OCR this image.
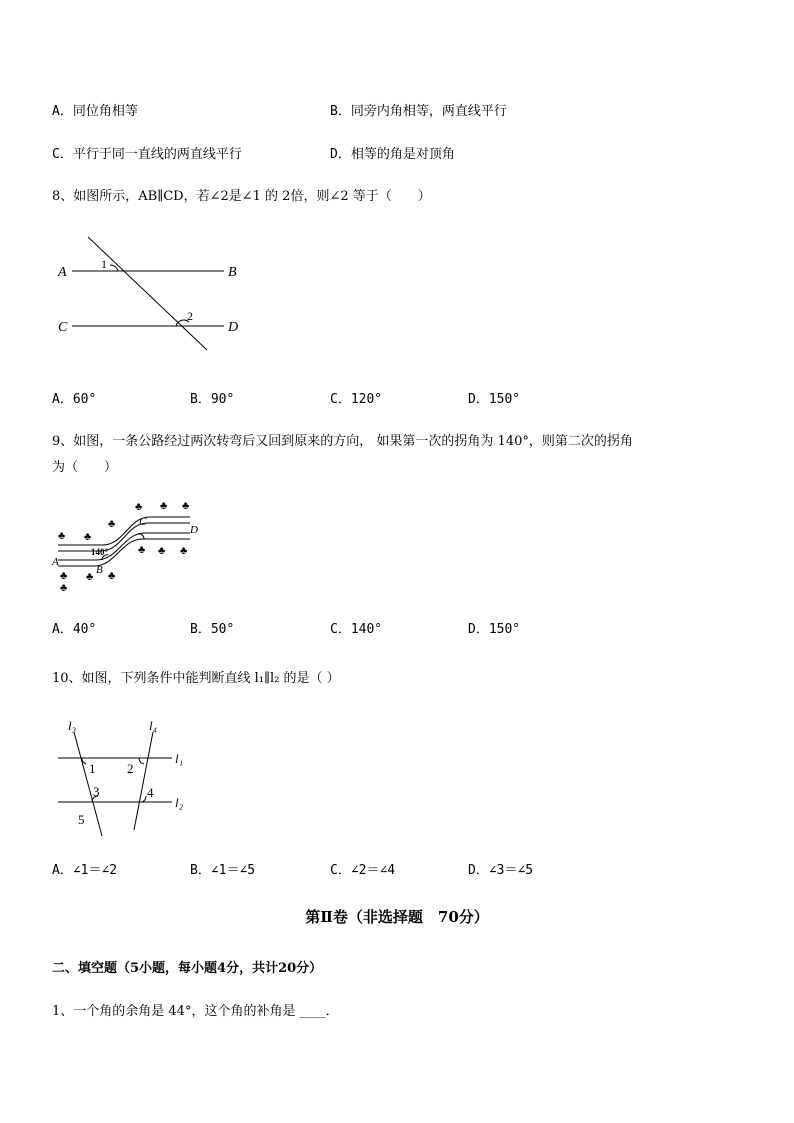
A．同位角相等	B．同旁内角相等，两直线平行
C．平行于同一直线的两直线平行	D．相等的角是对顶角
8、如图所示，AB∥CD，若∠2是∠1 的 2倍，则∠2 等于（　　）
A	B
C	D
1
2
A．60°	B．90°	C．120°	D．150°
9、如图，一条公路经过两次转弯后又回到原来的方向， 如果第一次的拐角为 140°，则第二次的拐角
为（　　）
♣ ♣ ♣
♣
♣ ♣
♣ ♣ ♣
♣ ♣ ♣
♣
A
B
C
D
140°
A．40°	B．50°	C．140°	D．150°
10、如图，下列条件中能判断直线 l₁∥l₂ 的是（ ）
l₃	l₄
l₁
l₂
1 2
3	4
5
A．∠1＝∠2	B．∠1＝∠5	C．∠2＝∠4	D．∠3＝∠5
第Ⅱ卷（非选择题　70分）
二、填空题（5小题，每小题4分，共计20分）
1、一个角的余角是 44°，这个角的补角是 ____．
